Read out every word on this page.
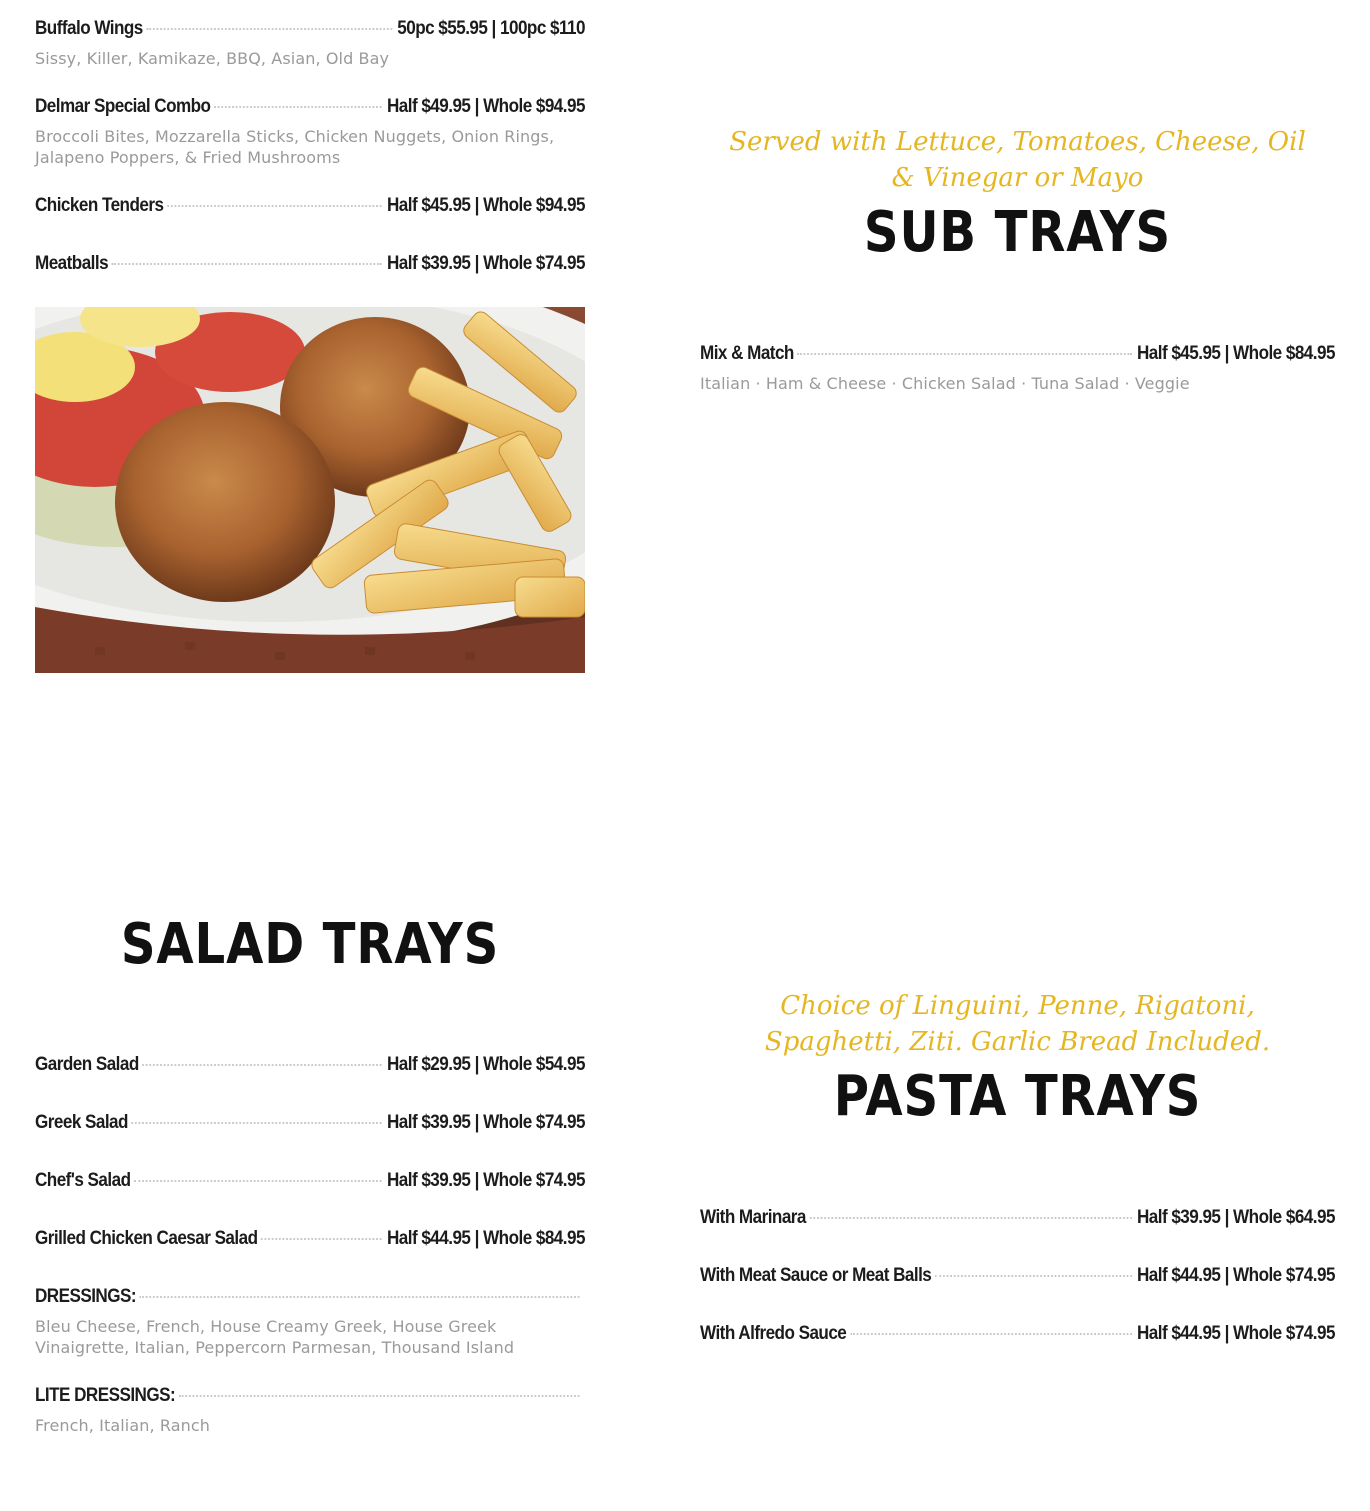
Buffalo Wings	50pc $55.95 | 100pc $110
Sissy, Killer, Kamikaze, BBQ, Asian, Old Bay
Delmar Special Combo	Half $49.95 | Whole $94.95
Broccoli Bites, Mozzarella Sticks, Chicken Nuggets, Onion Rings, Jalapeno Poppers, & Fried Mushrooms
Chicken Tenders	Half $45.95 | Whole $94.95
Meatballs	Half $39.95 | Whole $74.95
Served with Lettuce, Tomatoes, Cheese, Oil & Vinegar or Mayo
SUB TRAYS
Mix & Match	Half $45.95 | Whole $84.95
Italian · Ham & Cheese · Chicken Salad · Tuna Salad · Veggie
SALAD TRAYS
Garden Salad	Half $29.95 | Whole $54.95
Greek Salad	Half $39.95 | Whole $74.95
Chef's Salad	Half $39.95 | Whole $74.95
Grilled Chicken Caesar Salad	Half $44.95 | Whole $84.95
DRESSINGS:
Bleu Cheese, French, House Creamy Greek, House Greek Vinaigrette, Italian, Peppercorn Parmesan, Thousand Island
LITE DRESSINGS:
French, Italian, Ranch
Choice of Linguini, Penne, Rigatoni, Spaghetti, Ziti. Garlic Bread Included.
PASTA TRAYS
With Marinara	Half $39.95 | Whole $64.95
With Meat Sauce or Meat Balls	Half $44.95 | Whole $74.95
With Alfredo Sauce	Half $44.95 | Whole $74.95
